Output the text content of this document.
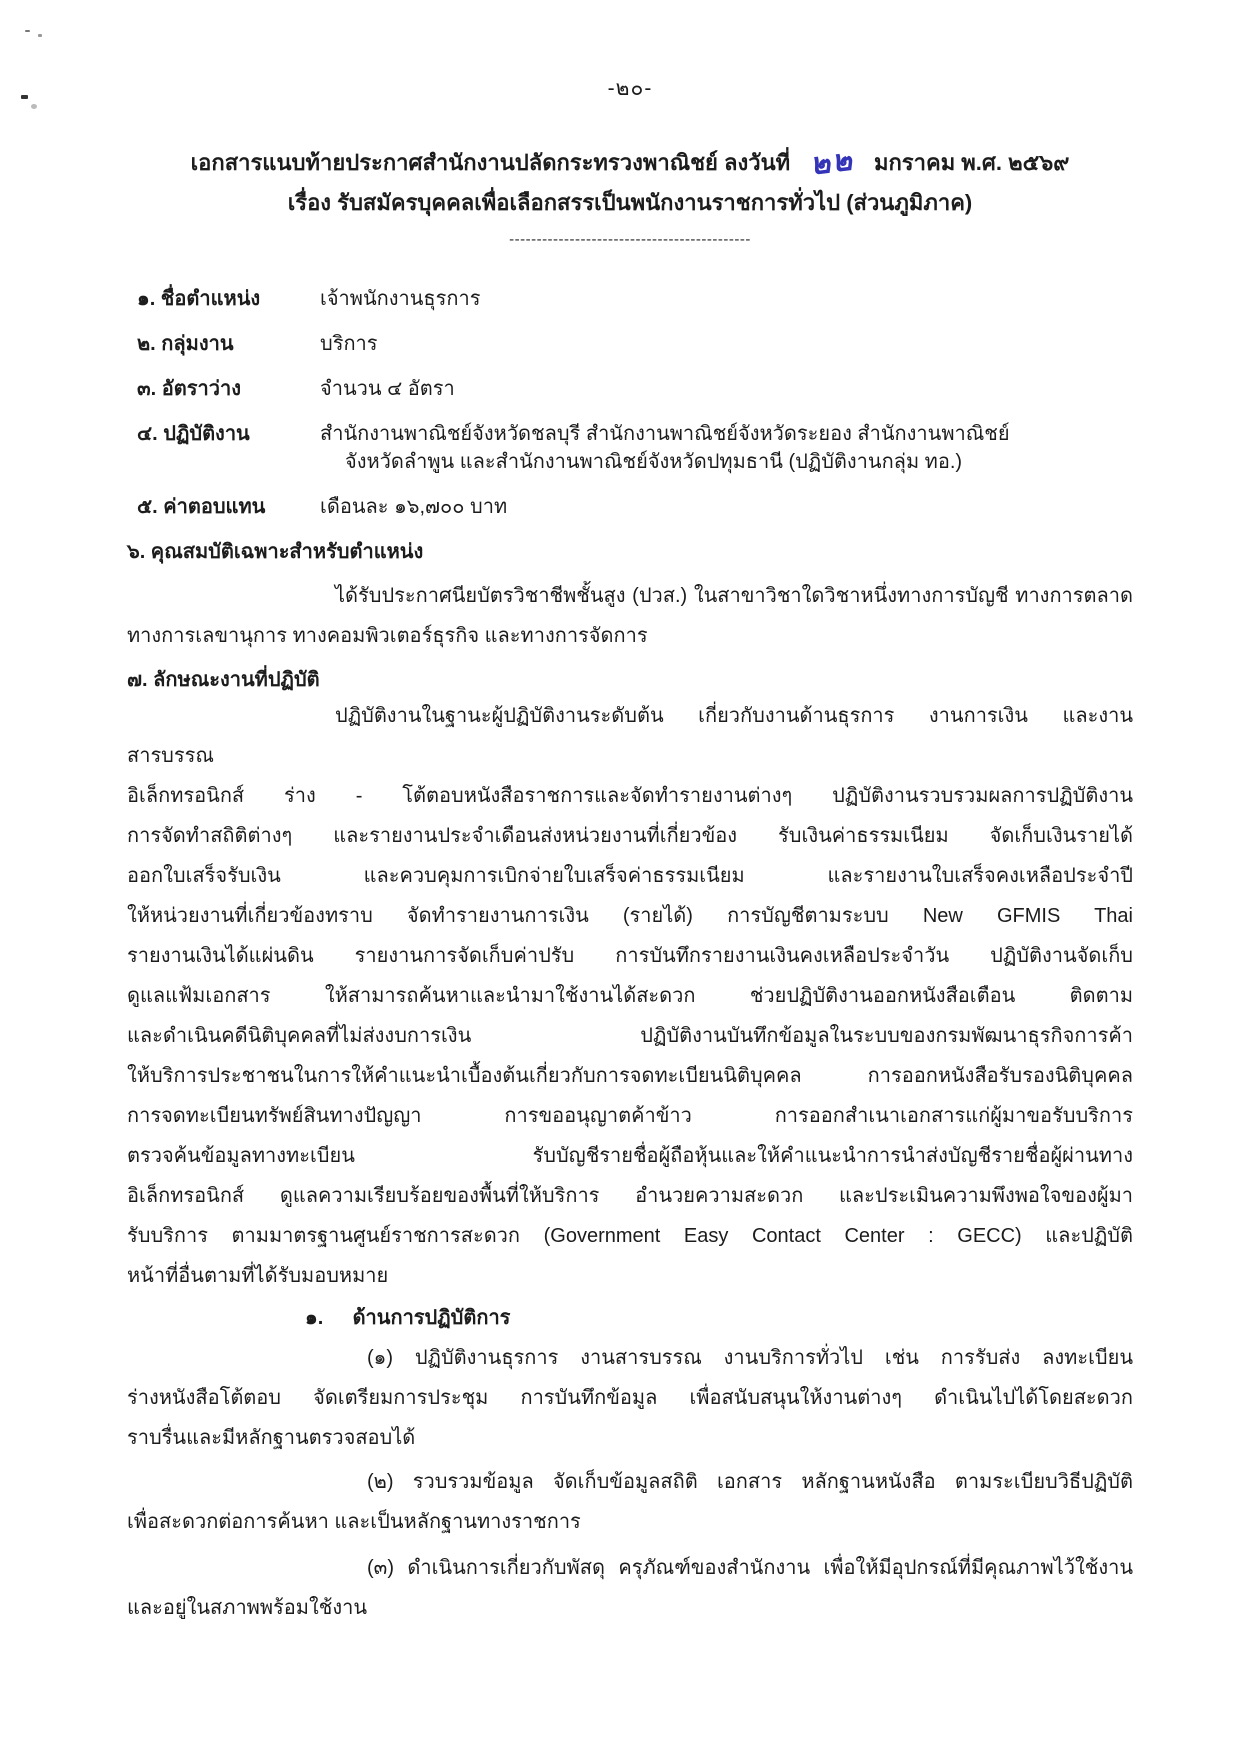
-๒๐-
เอกสารแนบท้ายประกาศสำนักงานปลัดกระทรวงพาณิชย์ ลงวันที่ ๒๒ มกราคม พ.ศ. ๒๕๖๙
เรื่อง รับสมัครบุคคลเพื่อเลือกสรรเป็นพนักงานราชการทั่วไป (ส่วนภูมิภาค)
--------------------------------------------
๑. ชื่อตำแหน่ง	เจ้าพนักงานธุรการ
๒. กลุ่มงาน	บริการ
๓. อัตราว่าง	จำนวน ๔ อัตรา
๔. ปฏิบัติงาน	สำนักงานพาณิชย์จังหวัดชลบุรี สำนักงานพาณิชย์จังหวัดระยอง สำนักงานพาณิชย์
จังหวัดลำพูน และสำนักงานพาณิชย์จังหวัดปทุมธานี (ปฏิบัติงานกลุ่ม ทอ.)
๕. ค่าตอบแทน	เดือนละ ๑๖,๗๐๐ บาท
๖. คุณสมบัติเฉพาะสำหรับตำแหน่ง
ได้รับประกาศนียบัตรวิชาชีพชั้นสูง (ปวส.) ในสาขาวิชาใดวิชาหนึ่งทางการบัญชี ทางการตลาด
ทางการเลขานุการ ทางคอมพิวเตอร์ธุรกิจ และทางการจัดการ
๗. ลักษณะงานที่ปฏิบัติ
ปฏิบัติงานในฐานะผู้ปฏิบัติงานระดับต้น เกี่ยวกับงานด้านธุรการ งานการเงิน และงานสารบรรณ
อิเล็กทรอนิกส์ ร่าง - โต้ตอบหนังสือราชการและจัดทำรายงานต่างๆ ปฏิบัติงานรวบรวมผลการปฏิบัติงาน
การจัดทำสถิติต่างๆ และรายงานประจำเดือนส่งหน่วยงานที่เกี่ยวข้อง รับเงินค่าธรรมเนียม จัดเก็บเงินรายได้
ออกใบเสร็จรับเงิน และควบคุมการเบิกจ่ายใบเสร็จค่าธรรมเนียม และรายงานใบเสร็จคงเหลือประจำปี
ให้หน่วยงานที่เกี่ยวข้องทราบ จัดทำรายงานการเงิน (รายได้) การบัญชีตามระบบ New GFMIS Thai
รายงานเงินได้แผ่นดิน รายงานการจัดเก็บค่าปรับ การบันทึกรายงานเงินคงเหลือประจำวัน ปฏิบัติงานจัดเก็บ
ดูแลแฟ้มเอกสาร ให้สามารถค้นหาและนำมาใช้งานได้สะดวก ช่วยปฏิบัติงานออกหนังสือเตือน ติดตาม
และดำเนินคดีนิติบุคคลที่ไม่ส่งงบการเงิน ปฏิบัติงานบันทึกข้อมูลในระบบของกรมพัฒนาธุรกิจการค้า
ให้บริการประชาชนในการให้คำแนะนำเบื้องต้นเกี่ยวกับการจดทะเบียนนิติบุคคล การออกหนังสือรับรองนิติบุคคล
การจดทะเบียนทรัพย์สินทางปัญญา การขออนุญาตค้าข้าว การออกสำเนาเอกสารแก่ผู้มาขอรับบริการ
ตรวจค้นข้อมูลทางทะเบียน รับบัญชีรายชื่อผู้ถือหุ้นและให้คำแนะนำการนำส่งบัญชีรายชื่อผู้ผ่านทาง
อิเล็กทรอนิกส์ ดูแลความเรียบร้อยของพื้นที่ให้บริการ อำนวยความสะดวก และประเมินความพึงพอใจของผู้มา
รับบริการ ตามมาตรฐานศูนย์ราชการสะดวก (Government Easy Contact Center : GECC) และปฏิบัติ
หน้าที่อื่นตามที่ได้รับมอบหมาย
๑. ด้านการปฏิบัติการ
(๑) ปฏิบัติงานธุรการ งานสารบรรณ งานบริการทั่วไป เช่น การรับส่ง ลงทะเบียน
ร่างหนังสือโต้ตอบ จัดเตรียมการประชุม การบันทึกข้อมูล เพื่อสนับสนุนให้งานต่างๆ ดำเนินไปได้โดยสะดวก
ราบรื่นและมีหลักฐานตรวจสอบได้
(๒) รวบรวมข้อมูล จัดเก็บข้อมูลสถิติ เอกสาร หลักฐานหนังสือ ตามระเบียบวิธีปฏิบัติ
เพื่อสะดวกต่อการค้นหา และเป็นหลักฐานทางราชการ
(๓) ดำเนินการเกี่ยวกับพัสดุ ครุภัณฑ์ของสำนักงาน เพื่อให้มีอุปกรณ์ที่มีคุณภาพไว้ใช้งาน
และอยู่ในสภาพพร้อมใช้งาน
